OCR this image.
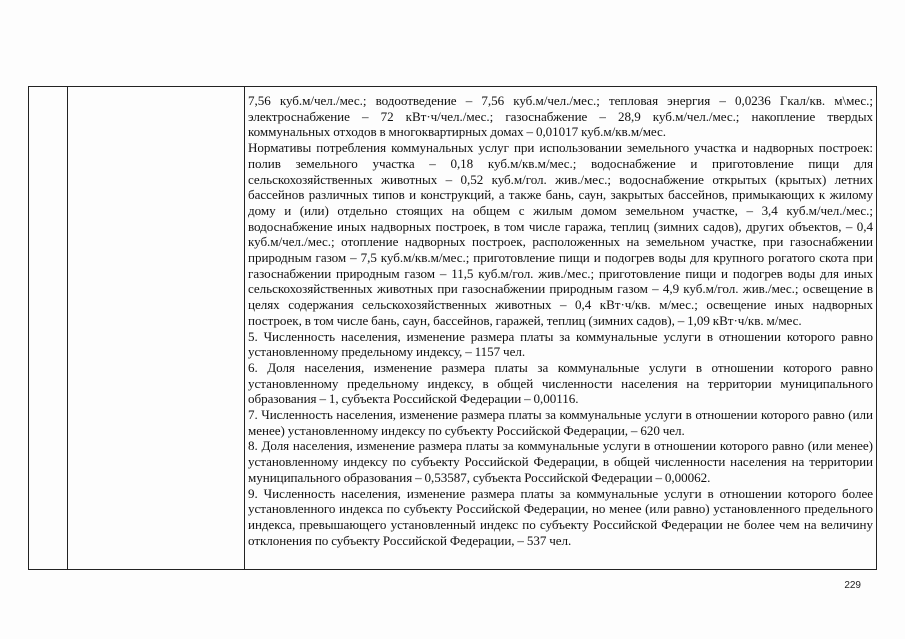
7,56 куб.м/чел./мес.; водоотведение – 7,56 куб.м/чел./мес.; тепловая энергия – 0,0236 Гкал/кв. м\мес.; электроснабжение – 72 кВт·ч/чел./мес.; газоснабжение – 28,9 куб.м/чел./мес.; накопление твердых коммунальных отходов в многоквартирных домах – 0,01017 куб.м/кв.м/мес.

Нормативы потребления коммунальных услуг при использовании земельного участка и надворных построек: полив земельного участка – 0,18 куб.м/кв.м/мес.; водоснабжение и приготовление пищи для сельскохозяйственных животных – 0,52 куб.м/гол. жив./мес.; водоснабжение открытых (крытых) летних бассейнов различных типов и конструкций, а также бань, саун, закрытых бассейнов, примыкающих к жилому дому и (или) отдельно стоящих на общем с жилым домом земельном участке, – 3,4 куб.м/чел./мес.; водоснабжение иных надворных построек, в том числе гаража, теплиц (зимних садов), других объектов, – 0,4 куб.м/чел./мес.; отопление надворных построек, расположенных на земельном участке, при газоснабжении природным газом – 7,5 куб.м/кв.м/мес.; приготовление пищи и подогрев воды для крупного рогатого скота при газоснабжении природным газом – 11,5 куб.м/гол. жив./мес.; приготовление пищи и подогрев воды для иных сельскохозяйственных животных при газоснабжении природным газом – 4,9 куб.м/гол. жив./мес.; освещение в целях содержания сельскохозяйственных животных – 0,4 кВт·ч/кв. м/мес.; освещение иных надворных построек, в том числе бань, саун, бассейнов, гаражей, теплиц (зимних садов), – 1,09 кВт·ч/кв. м/мес.

5. Численность населения, изменение размера платы за коммунальные услуги в отношении которого равно установленному предельному индексу, – 1157 чел.

6. Доля населения, изменение размера платы за коммунальные услуги в отношении которого равно установленному предельному индексу, в общей численности населения на территории муниципального образования – 1, субъекта Российской Федерации – 0,00116.

7. Численность населения, изменение размера платы за коммунальные услуги в отношении которого равно (или менее) установленному индексу по субъекту Российской Федерации, – 620 чел.

8. Доля населения, изменение размера платы за коммунальные услуги в отношении которого равно (или менее) установленному индексу по субъекту Российской Федерации, в общей численности населения на территории муниципального образования – 0,53587, субъекта Российской Федерации – 0,00062.

9. Численность населения, изменение размера платы за коммунальные услуги в отношении которого более установленного индекса по субъекту Российской Федерации, но менее (или равно) установленного предельного индекса, превышающего установленный индекс по субъекту Российской Федерации не более чем на величину отклонения по субъекту Российской Федерации, – 537 чел.

229
